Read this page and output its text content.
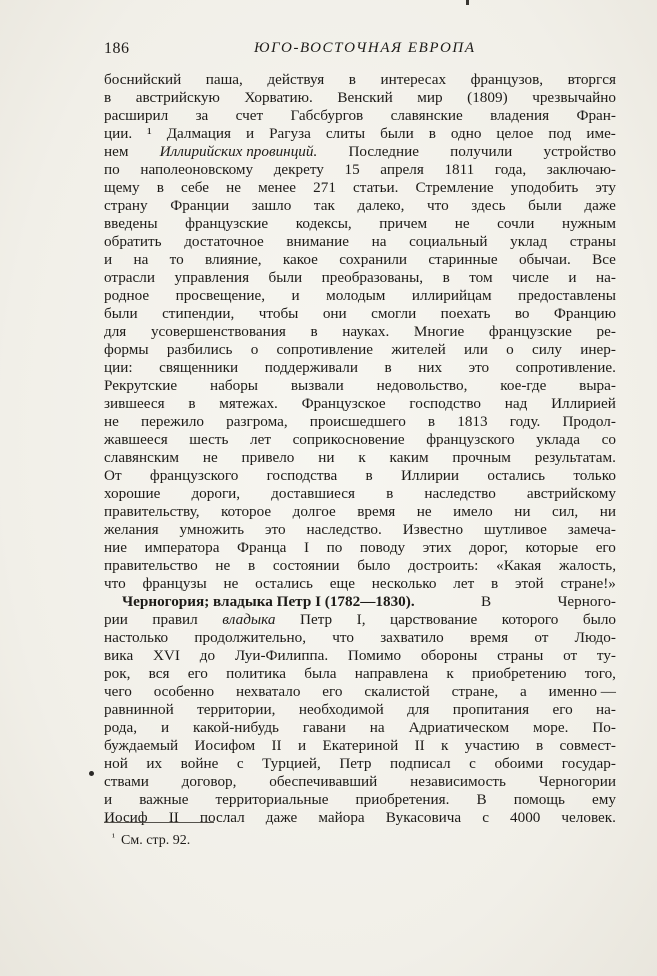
186	ЮГО-ВОСТОЧНАЯ ЕВРОПА
боснийский паша, действуя в интересах французов, вторгся
в австрийскую Хорватию. Венский мир (1809) чрезвычайно
расширил за счет Габсбургов славянские владения Фран-
ции. ¹ Далмация и Рагуза слиты были в одно целое под име-
нем Иллирийских провинций. Последние получили устройство
по наполеоновскому декрету 15 апреля 1811 года, заключаю-
щему в себе не менее 271 статьи. Стремление уподобить эту
страну Франции зашло так далеко, что здесь были даже
введены французские кодексы, причем не сочли нужным
обратить достаточное внимание на социальный уклад страны
и на то влияние, какое сохранили старинные обычаи. Все
отрасли управления были преобразованы, в том числе и на-
родное просвещение, и молодым иллирийцам предоставлены
были стипендии, чтобы они смогли поехать во Францию
для усовершенствования в науках. Многие французские ре-
формы разбились о сопротивление жителей или о силу инер-
ции: священники поддерживали в них это сопротивление.
Рекрутские наборы вызвали недовольство, кое-где выра-
зившееся в мятежах. Французское господство над Иллирией
не пережило разгрома, происшедшего в 1813 году. Продол-
жавшееся шесть лет соприкосновение французского уклада со
славянским не привело ни к каким прочным результатам.
От французского господства в Иллирии остались только
хорошие дороги, доставшиеся в наследство австрийскому
правительству, которое долгое время не имело ни сил, ни
желания умножить это наследство. Известно шутливое замеча-
ние императора Франца I по поводу этих дорог, которые его
правительство не в состоянии было достроить: «Какая жалость,
что французы не остались еще несколько лет в этой стране!»
Черногория; владыка Петр I (1782—1830).	В	Черного-
рии правил владыка Петр I, царствование которого было
настолько продолжительно, что захватило время от Людо-
вика XVI до Луи-Филиппа. Помимо обороны страны от ту-
рок, вся его политика была направлена к приобретению того,
чего особенно нехватало его скалистой стране, а именно —
равнинной территории, необходимой для пропитания его на-
рода, и какой-нибудь гавани на Адриатическом море. По-
буждаемый Иосифом II и Екатериной II к участию в совмест-
ной их войне с Турцией, Петр подписал с обоими государ-
ствами договор, обеспечивавший независимость Черногории
и важные территориальные приобретения. В помощь ему
Иосиф II послал даже майора Вукасовича с 4000 человек.
$^{^1}$ См. стр. 92.
